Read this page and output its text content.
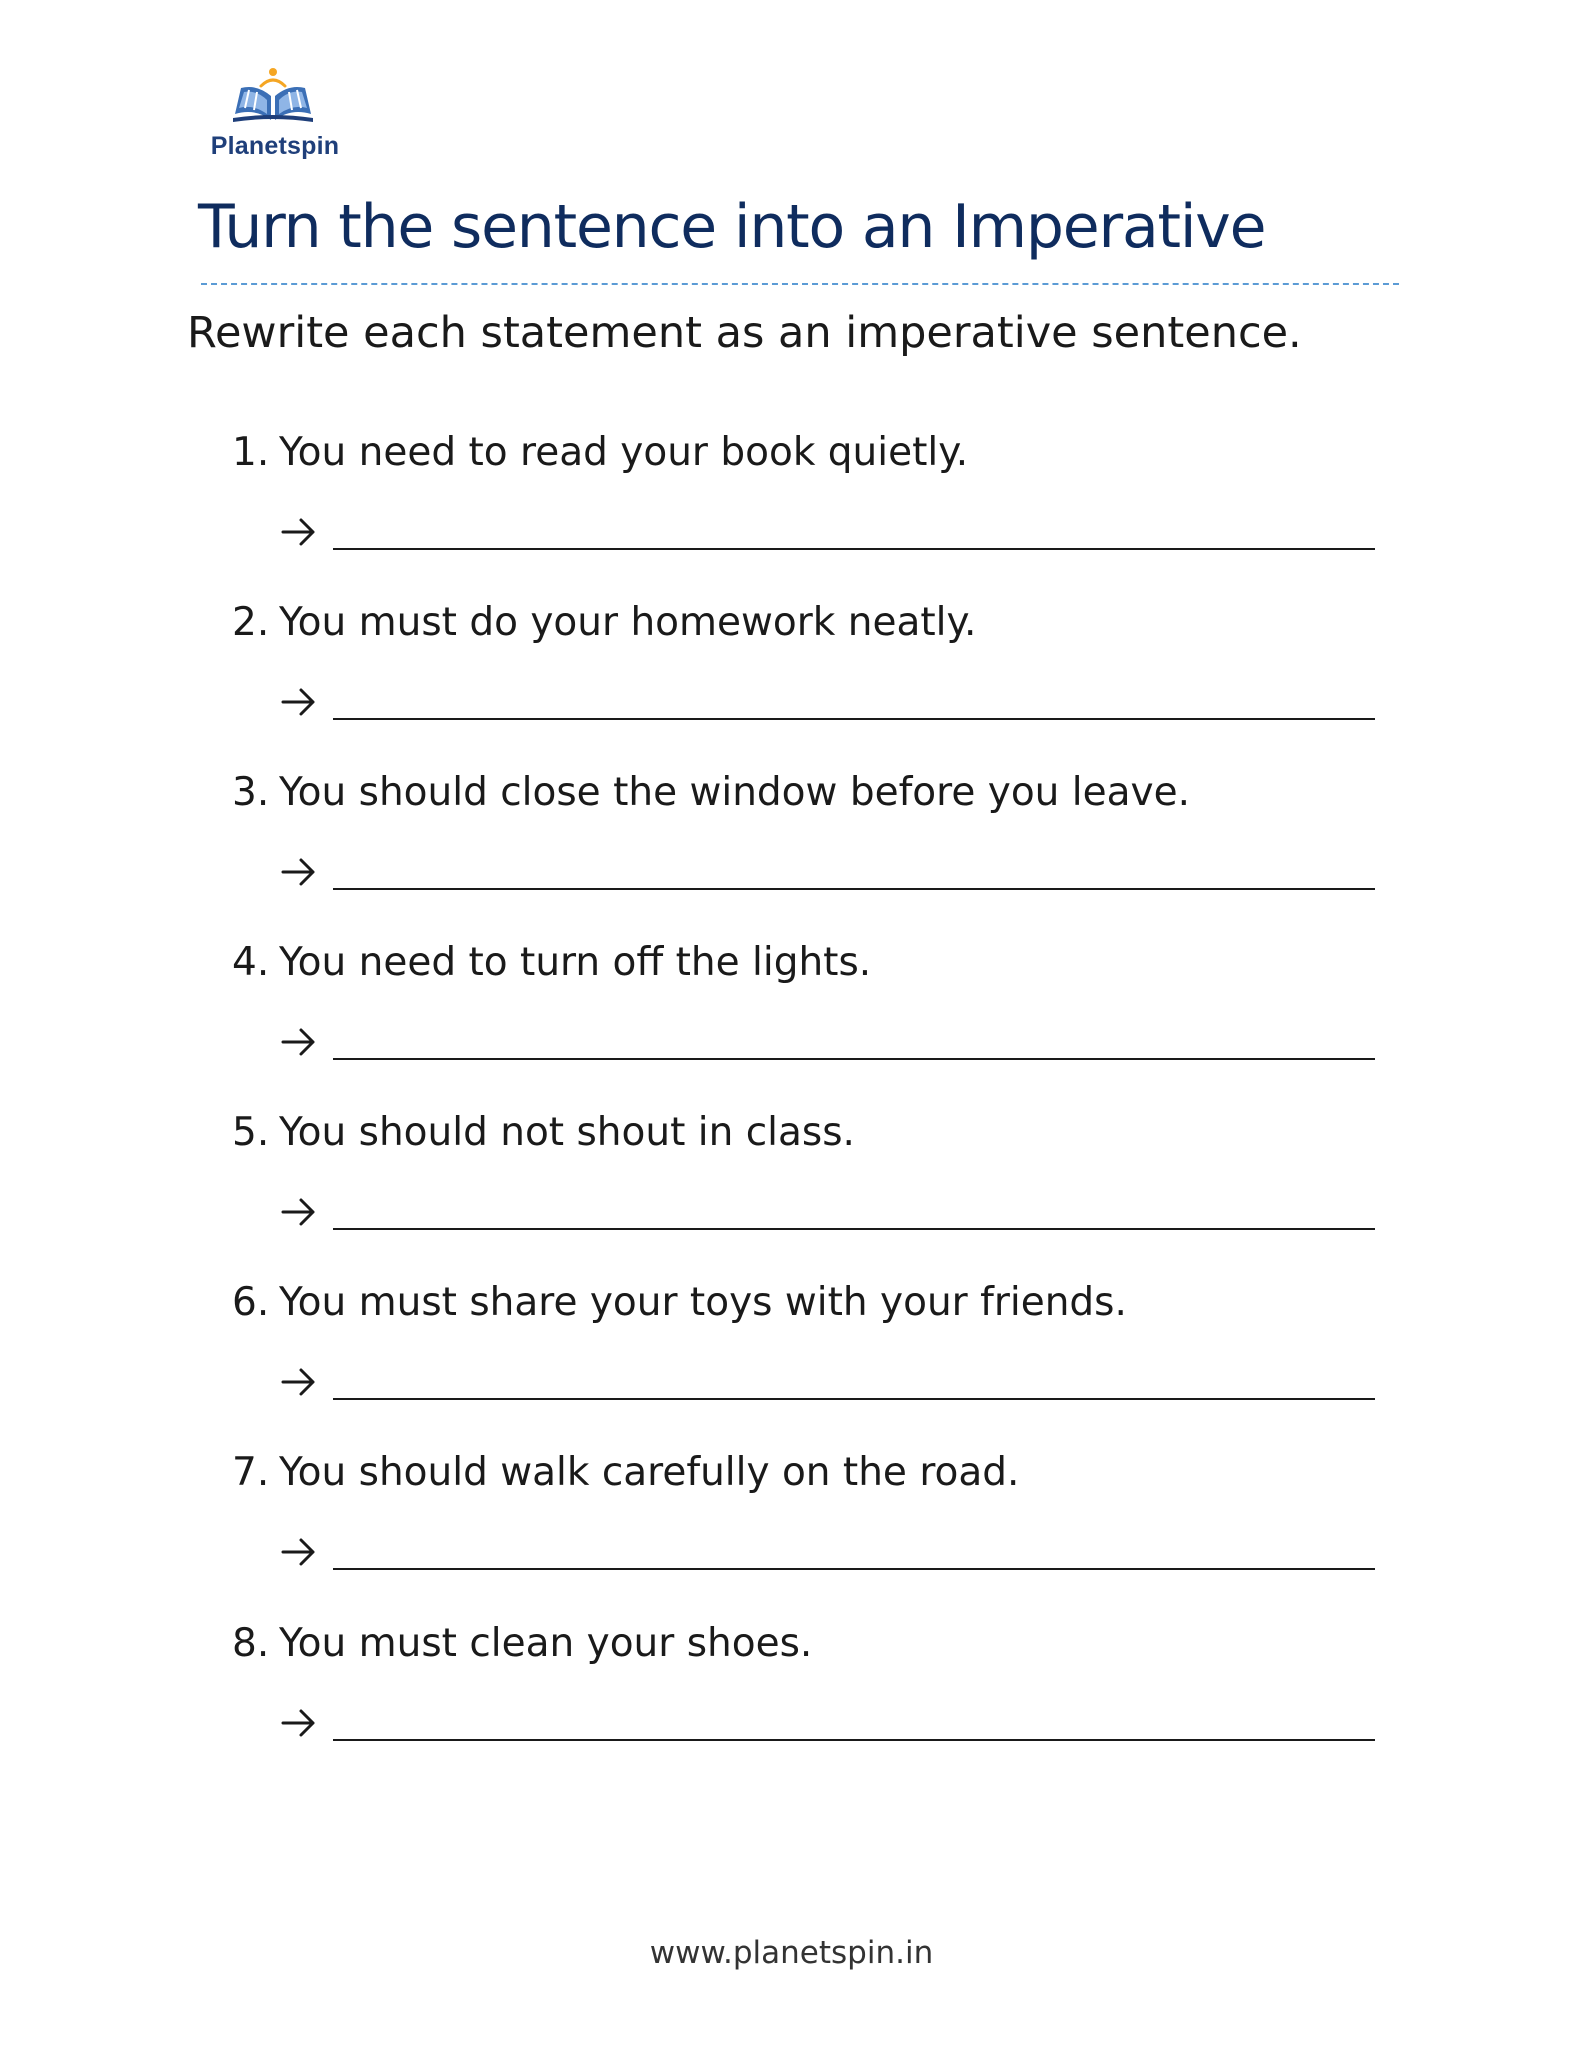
Planetspin
Turn the sentence into an Imperative
Rewrite each statement as an imperative sentence.
1. You need to read your book quietly.
2. You must do your homework neatly.
3. You should close the window before you leave.
4. You need to turn off the lights.
5. You should not shout in class.
6. You must share your toys with your friends.
7. You should walk carefully on the road.
8. You must clean your shoes.
www.planetspin.in
